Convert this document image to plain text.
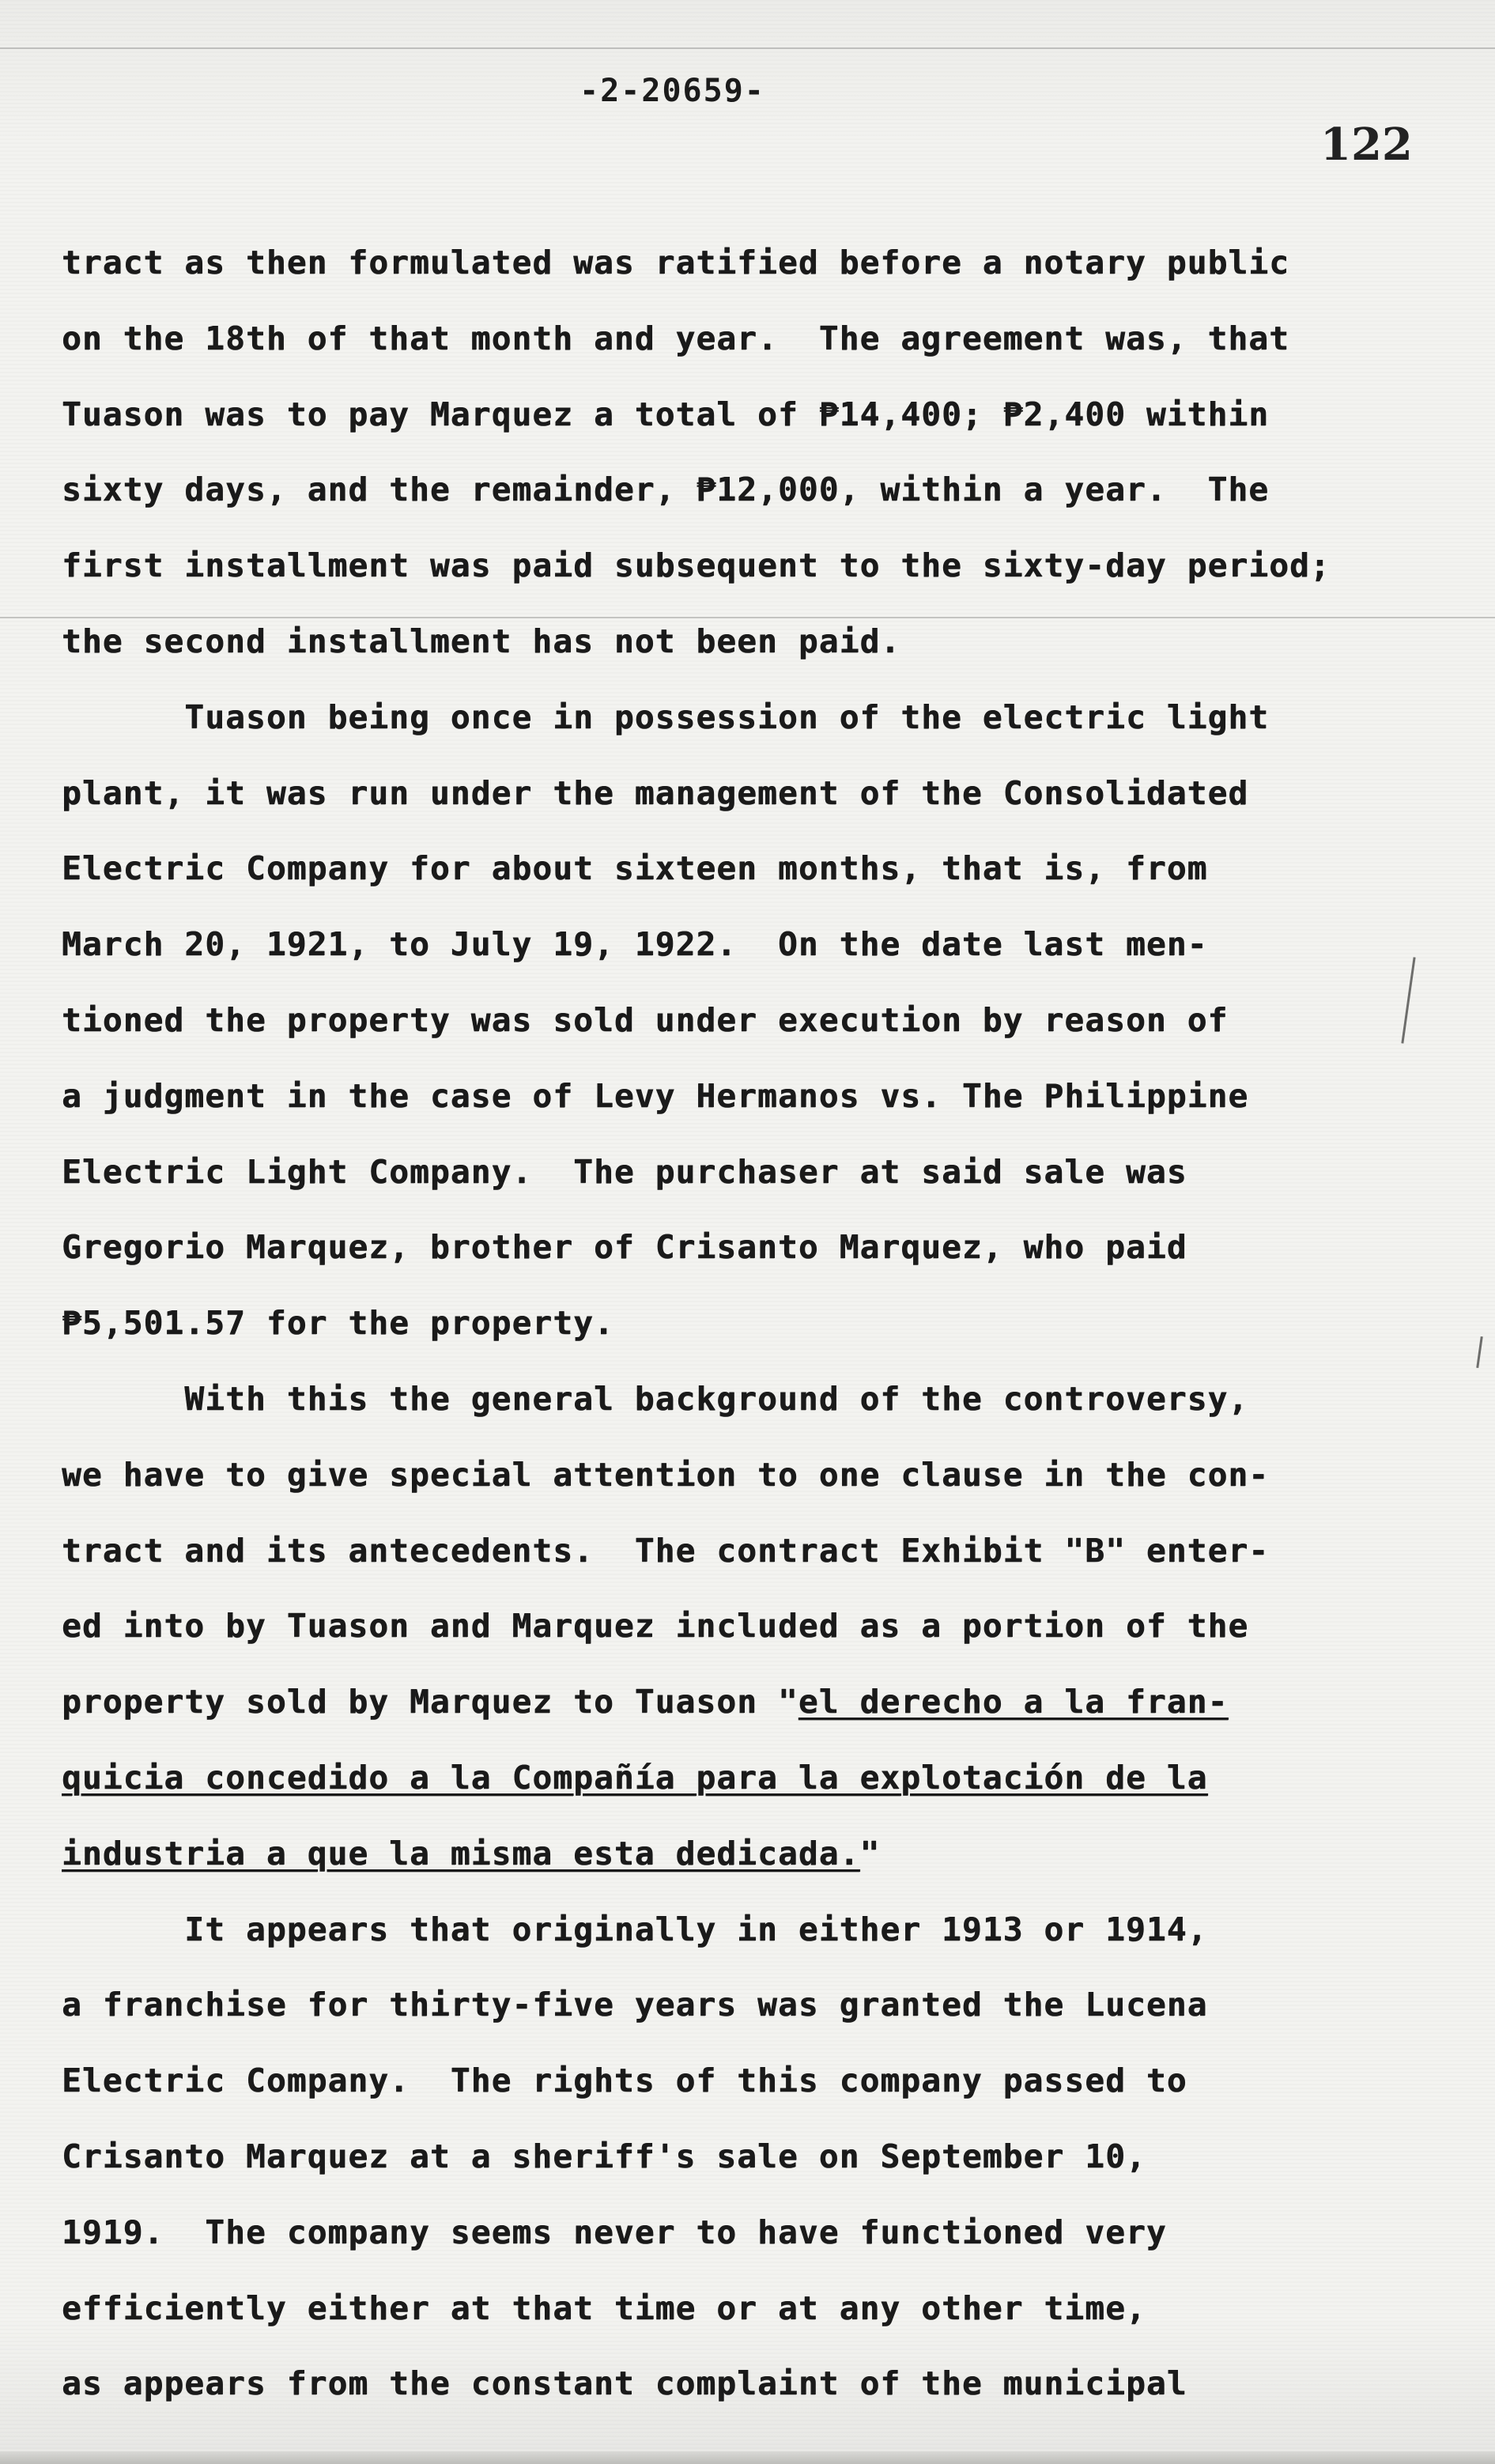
-2-20659-
122

tract as then formulated was ratified before a notary public
on the 18th of that month and year.  The agreement was, that
Tuason was to pay Marquez a total of ₱14,400; ₱2,400 within
sixty days, and the remainder, ₱12,000, within a year.  The
first installment was paid subsequent to the sixty-day period;
the second installment has not been paid.
Tuason being once in possession of the electric light
plant, it was run under the management of the Consolidated
Electric Company for about sixteen months, that is, from
March 20, 1921, to July 19, 1922.  On the date last men-
tioned the property was sold under execution by reason of
a judgment in the case of Levy Hermanos vs. The Philippine
Electric Light Company.  The purchaser at said sale was
Gregorio Marquez, brother of Crisanto Marquez, who paid
₱5,501.57 for the property.
With this the general background of the controversy,
we have to give special attention to one clause in the con-
tract and its antecedents.  The contract Exhibit "B" enter-
ed into by Tuason and Marquez included as a portion of the
property sold by Marquez to Tuason "el derecho a la fran-
quicia concedido a la Compañía para la explotación de la
industria a que la misma esta dedicada."
It appears that originally in either 1913 or 1914,
a franchise for thirty-five years was granted the Lucena
Electric Company.  The rights of this company passed to
Crisanto Marquez at a sheriff's sale on September 10,
1919.  The company seems never to have functioned very
efficiently either at that time or at any other time,
as appears from the constant complaint of the municipal
